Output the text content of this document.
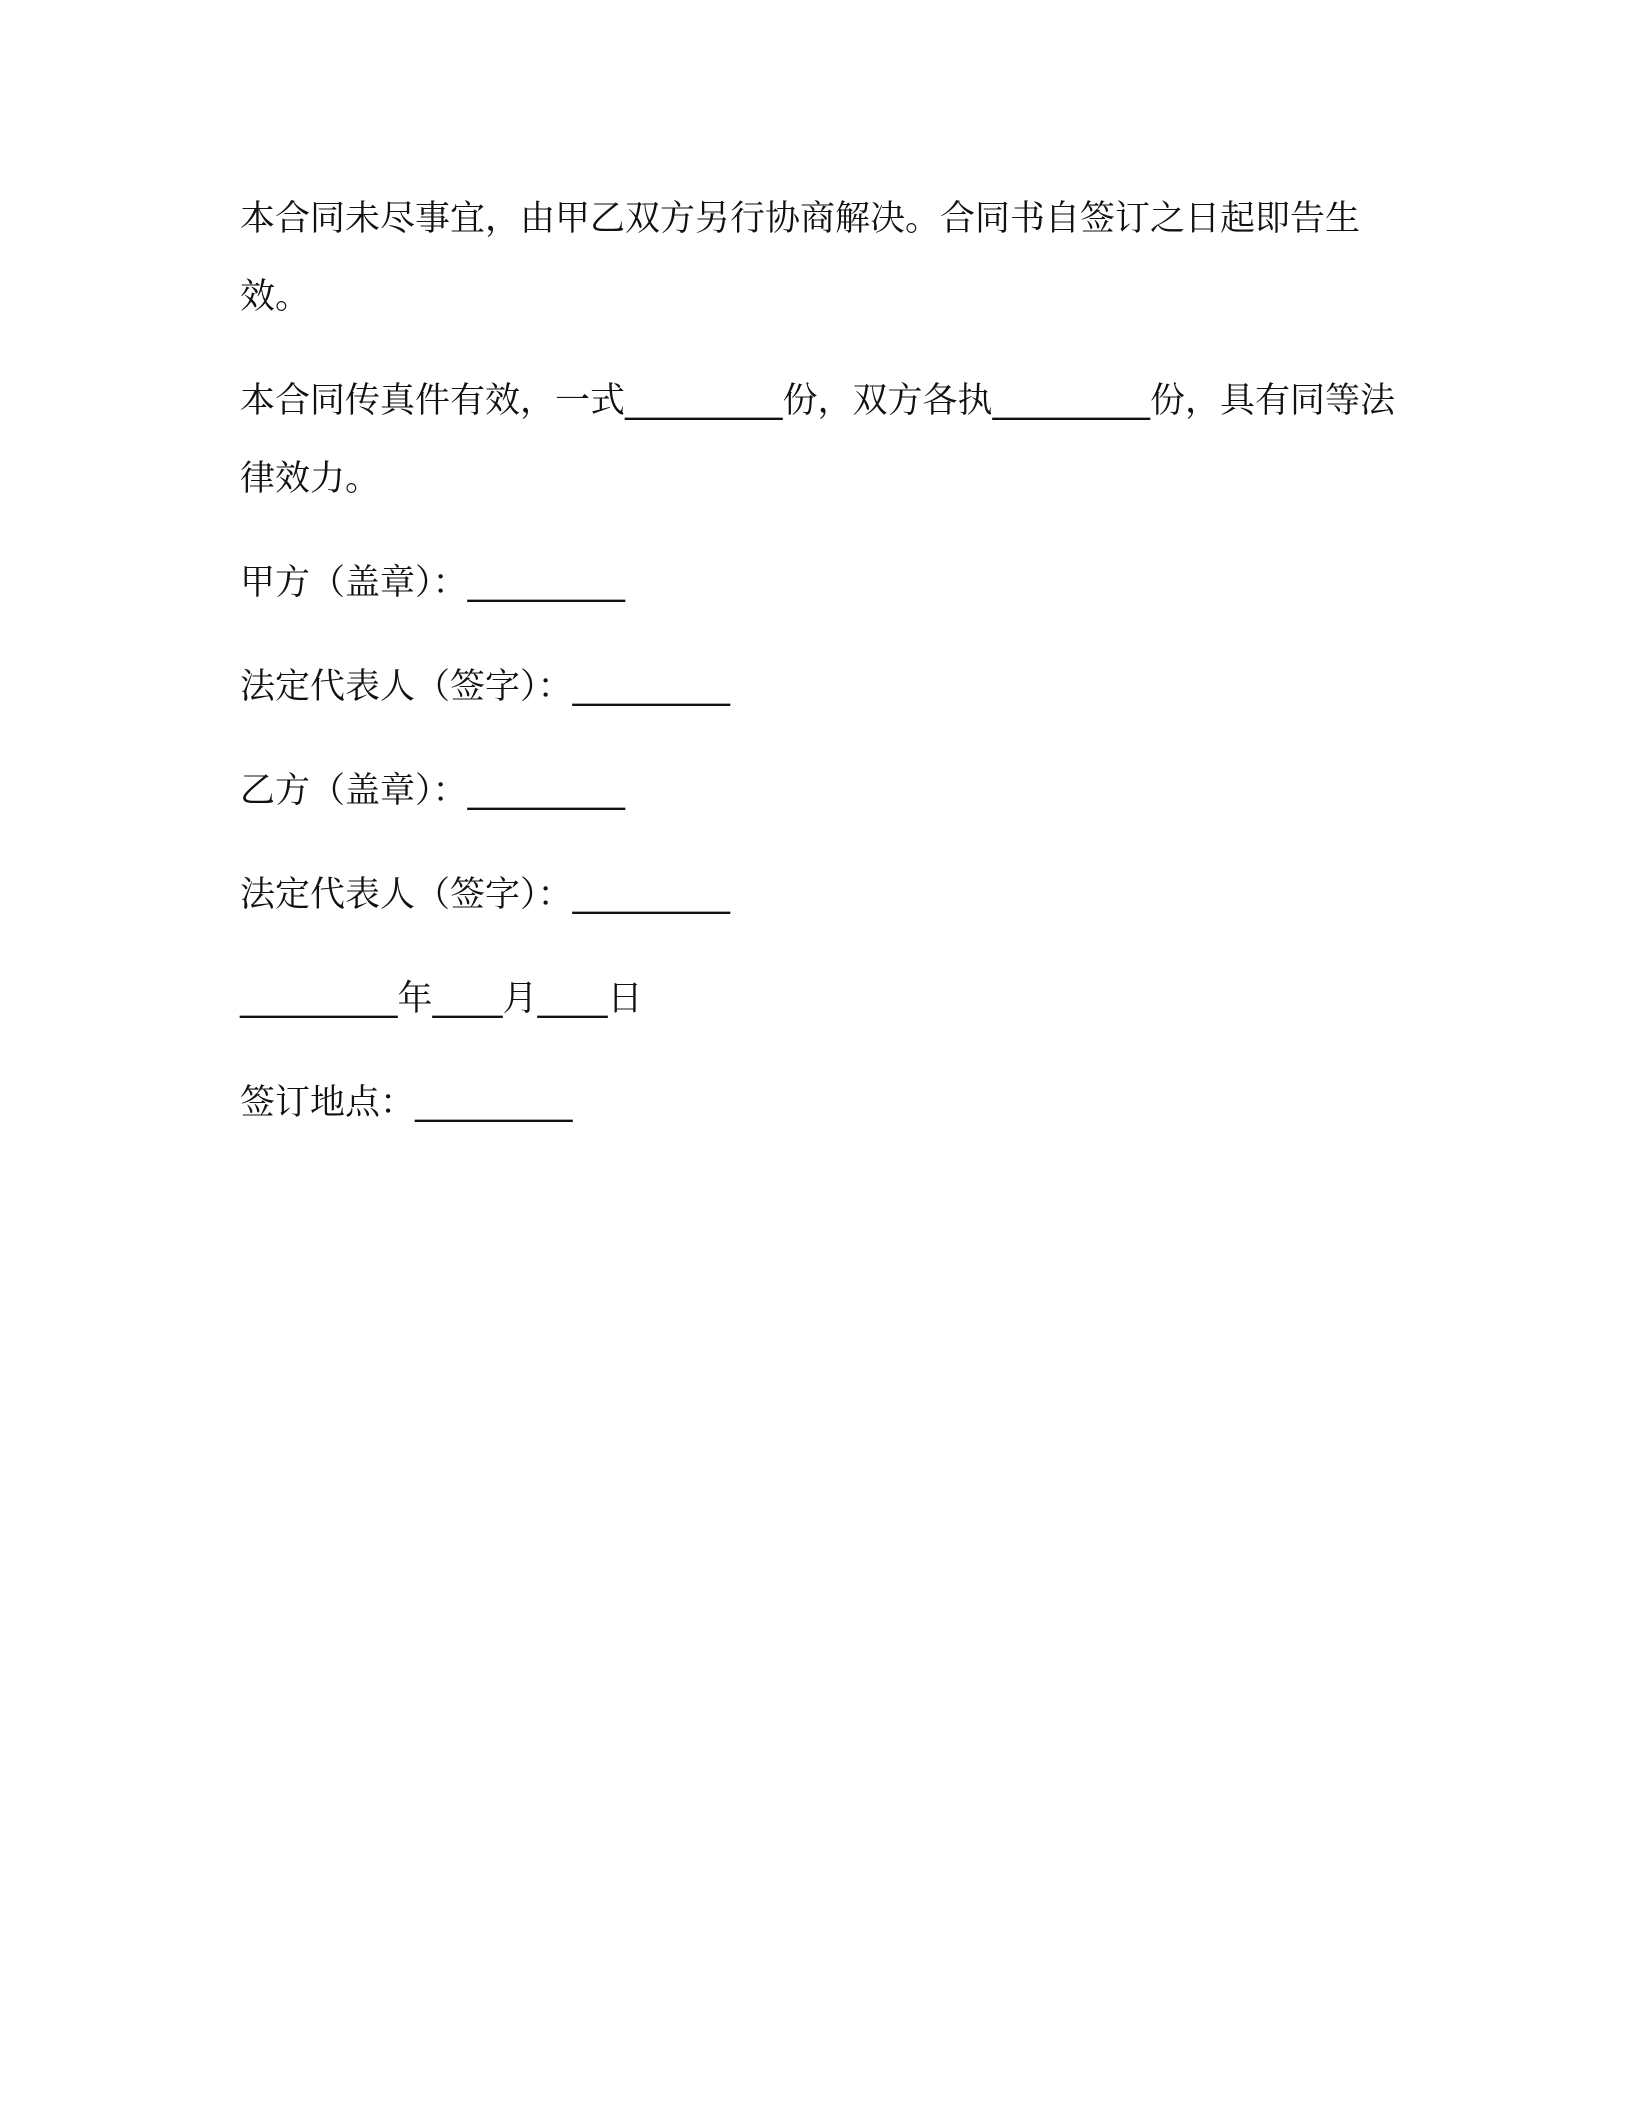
本合同未尽事宜，由甲乙双方另行协商解决。合同书自签订之日起即告生效。

本合同传真件有效，一式_________份，双方各执_________份，具有同等法律效力。

甲方（盖章）：_________

法定代表人（签字）：_________

乙方（盖章）：_________

法定代表人（签字）：_________

_________年____月____日

签订地点：_________
